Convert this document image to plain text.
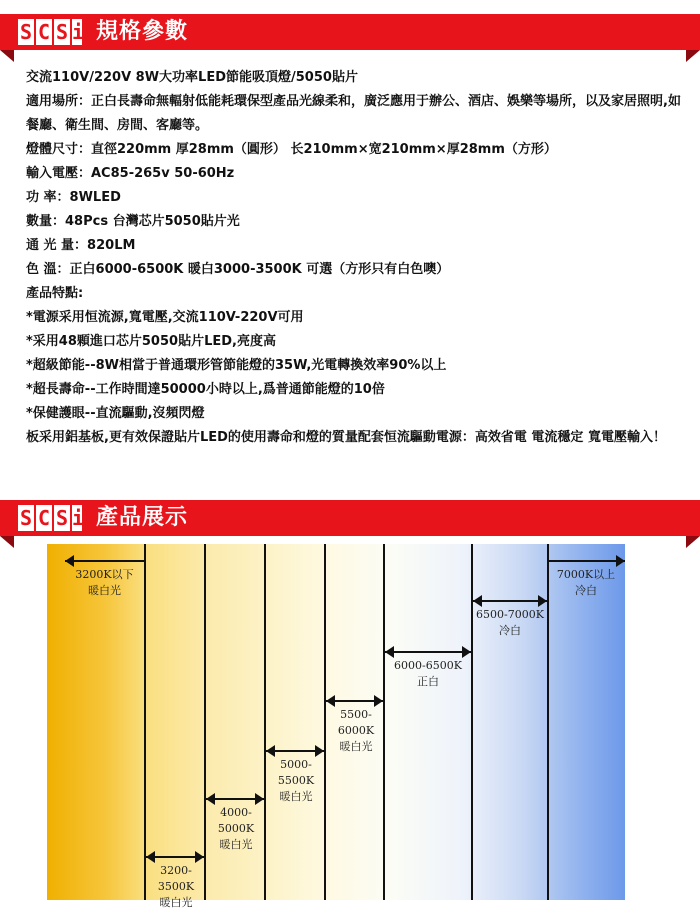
S C S i 規格參數
交流110V/220V 8W大功率LED節能吸頂燈/5050貼片
適用場所：正白長壽命無輻射低能耗環保型產品光線柔和，廣泛應用于辦公、酒店、娛樂等場所，以及家居照明,如餐廳、衛生間、房間、客廳等。
燈體尺寸：直徑220mm 厚28mm（圓形） 长210mm×宽210mm×厚28mm（方形）
輸入電壓：AC85-265v 50-60Hz
功 率：8WLED
數量：48Pcs 台灣芯片5050貼片光
通 光 量：820LM
色 溫：正白6000-6500K 暖白3000-3500K 可選（方形只有白色噢）
產品特點:
*電源采用恒流源,寬電壓,交流110V-220V可用
*采用48顆進口芯片5050貼片LED,亮度高
*超級節能--8W相當于普通環形管節能燈的35W,光電轉換效率90%以上
*超長壽命--工作時間達50000小時以上,爲普通節能燈的10倍
*保健護眼--直流驅動,沒頻閃燈
板采用鋁基板,更有效保證貼片LED的使用壽命和燈的質量配套恒流驅動電源：高效省電 電流穩定 寬電壓輸入！
S C S i 產品展示
3200K以下
暖白光
3200-3500K
暖白光
4000-5000K
暖白光
5000-5500K
暖白光
5500-6000K
暖白光
6000-6500K
正白
6500-7000K
冷白
7000K以上
冷白
